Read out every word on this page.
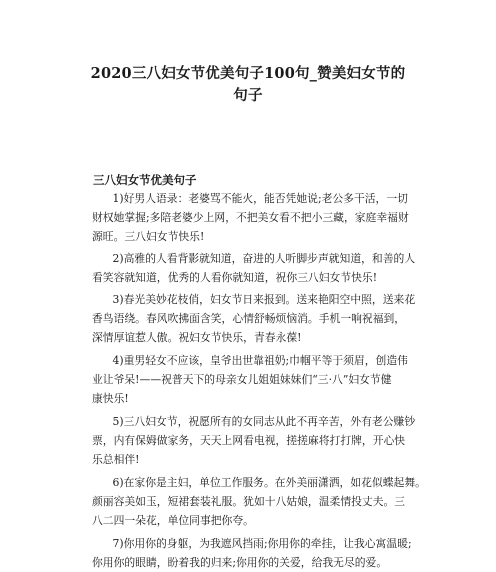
2020三八妇女节优美句子100句_赞美妇女节的
句子
三八妇女节优美句子

1)好男人语录：老婆骂不能火，能否凭她说;老公多干活，一切
财权她掌握;多陪老婆少上网，不把美女看不把小三藏，家庭幸福财
源旺。三八妇女节快乐!

2)高雅的人看背影就知道，奋进的人听脚步声就知道，和善的人
看笑容就知道，优秀的人看你就知道，祝你三八妇女节快乐!

3)春光美妙花枝俏，妇女节日来报到。送来艳阳空中照，送来花
香鸟语绕。春风吹拂面含笑，心情舒畅烦恼消。手机一响祝福到，
深情厚谊惹人傲。祝妇女节快乐，青春永葆!

4)重男轻女不应该，皇爷出世靠祖奶;巾帼平等于须眉，创造伟
业让爷呆!——祝普天下的母亲女儿姐姐妹妹们“三·八”妇女节健
康快乐!

5)三八妇女节，祝愿所有的女同志从此不再辛苦，外有老公赚钞
票，内有保姆做家务，天天上网看电视，搓搓麻将打打牌，开心快
乐总相伴!

6)在家你是主妇，单位工作服务。在外美丽潇洒，如花似蝶起舞。
颜丽容美如玉，短裙套装礼服。犹如十八姑娘，温柔情投丈夫。三
八二四一朵花，单位同事把你夸。

7)你用你的身躯，为我遮风挡雨;你用你的牵挂，让我心寓温暖;
你用你的眼睛，盼着我的归来;你用你的关爱，给我无尽的爱。
